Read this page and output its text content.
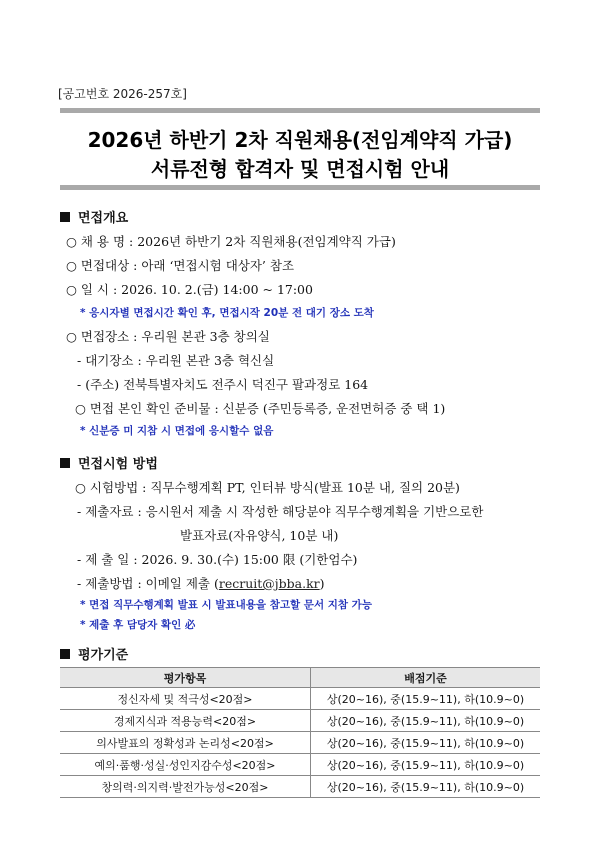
[공고번호 2026-257호]
2026년 하반기 2차 직원채용(전임계약직 가급)
서류전형 합격자 및 면접시험 안내
면접개요
○ 채 용 명 : 2026년 하반기 2차 직원채용(전임계약직 가급)
○ 면접대상 : 아래 ‘면접시험 대상자’ 참조
○ 일 시 : 2026. 10. 2.(금) 14:00 ~ 17:00
* 응시자별 면접시간 확인 후, 면접시작 20분 전 대기 장소 도착
○ 면접장소 : 우리원 본관 3층 창의실
- 대기장소 : 우리원 본관 3층 혁신실
- (주소) 전북특별자치도 전주시 덕진구 팔과정로 164
○ 면접 본인 확인 준비물 : 신분증 (주민등록증, 운전면허증 중 택 1)
* 신분증 미 지참 시 면접에 응시할수 없음
면접시험 방법
○ 시험방법 : 직무수행계획 PT, 인터뷰 방식(발표 10분 내, 질의 20분)
- 제출자료 : 응시원서 제출 시 작성한 해당분야 직무수행계획을 기반으로한
발표자료(자유양식, 10분 내)
- 제 출 일 : 2026. 9. 30.(수) 15:00 限 (기한엄수)
- 제출방법 : 이메일 제출 (recruit@jbba.kr)
* 면접 직무수행계획 발표 시 발표내용을 참고할 문서 지참 가능
* 제출 후 담당자 확인 必
평가기준
평가항목	배점기준
정신자세 및 적극성<20점>	상(20~16), 중(15.9~11), 하(10.9~0)
경제지식과 적용능력<20점>	상(20~16), 중(15.9~11), 하(10.9~0)
의사발표의 정확성과 논리성<20점>	상(20~16), 중(15.9~11), 하(10.9~0)
예의·품행·성실·성인지감수성<20점>	상(20~16), 중(15.9~11), 하(10.9~0)
창의력·의지력·발전가능성<20점>	상(20~16), 중(15.9~11), 하(10.9~0)
